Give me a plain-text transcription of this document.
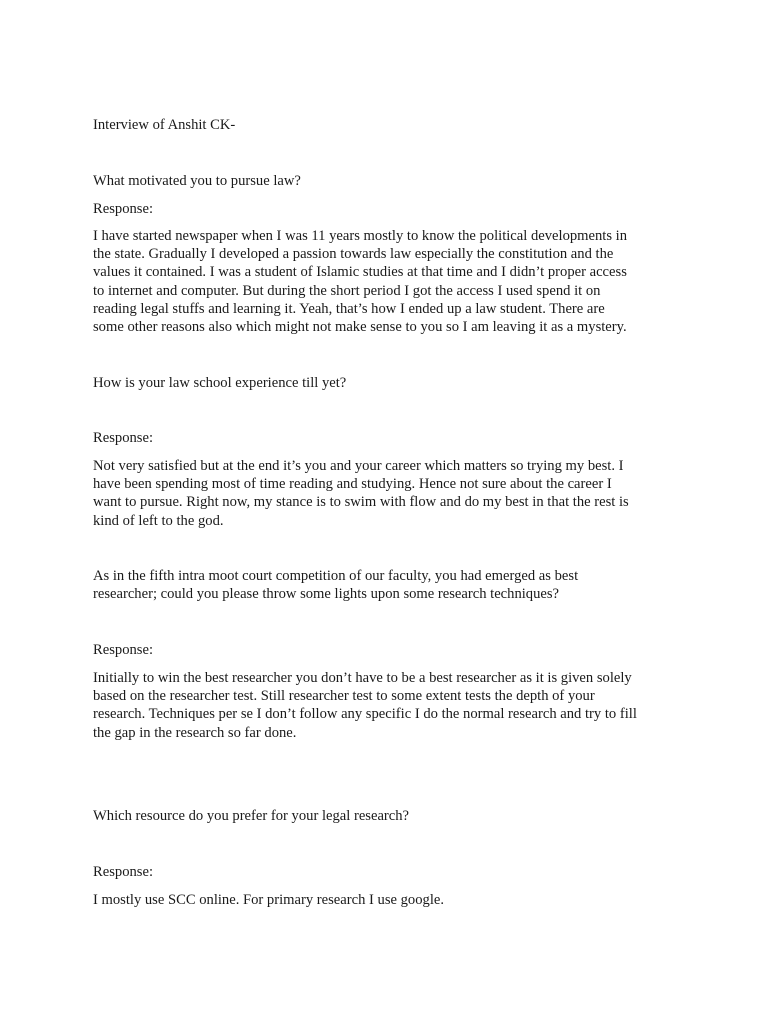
Interview of Anshit CK-

What motivated you to pursue law?

Response:

I have started newspaper when I was 11 years mostly to know the political developments in
the state. Gradually I developed a passion towards law especially the constitution and the
values it contained. I was a student of Islamic studies at that time and I didn’t proper access
to internet and computer. But during the short period I got the access I used spend it on
reading legal stuffs and learning it. Yeah, that’s how I ended up a law student. There are
some other reasons also which might not make sense to you so I am leaving it as a mystery.

How is your law school experience till yet?

Response:

Not very satisfied but at the end it’s you and your career which matters so trying my best. I
have been spending most of time reading and studying. Hence not sure about the career I
want to pursue. Right now, my stance is to swim with flow and do my best in that the rest is
kind of left to the god.
As in the fifth intra moot court competition of our faculty, you had emerged as best
researcher; could you please throw some lights upon some research techniques?

Response:

Initially to win the best researcher you don’t have to be a best researcher as it is given solely
based on the researcher test. Still researcher test to some extent tests the depth of your
research. Techniques per se I don’t follow any specific I do the normal research and try to fill
the gap in the research so far done.

Which resource do you prefer for your legal research?

Response:

I mostly use SCC online. For primary research I use google.
